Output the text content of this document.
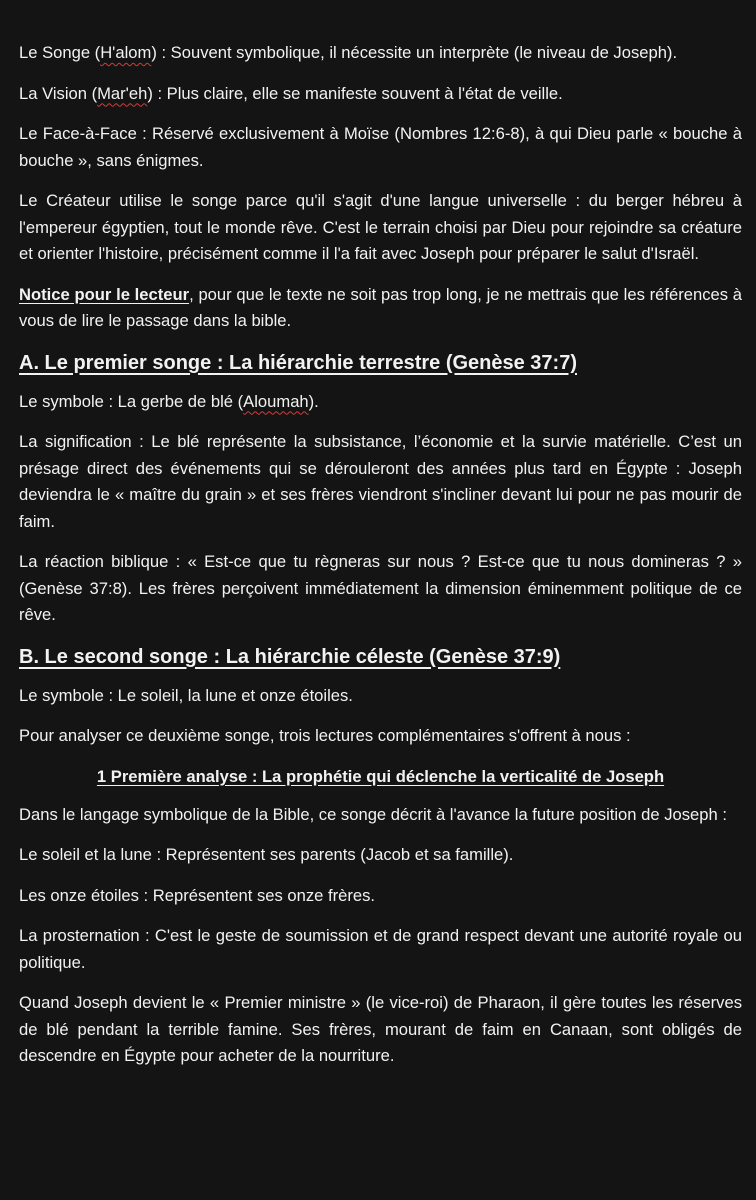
Le Songe (H'alom) : Souvent symbolique, il nécessite un interprète (le niveau de Joseph).

La Vision (Mar'eh) : Plus claire, elle se manifeste souvent à l'état de veille.

Le Face-à-Face : Réservé exclusivement à Moïse (Nombres 12:6-8), à qui Dieu parle « bouche à bouche », sans énigmes.

Le Créateur utilise le songe parce qu'il s'agit d'une langue universelle : du berger hébreu à l'empereur égyptien, tout le monde rêve. C'est le terrain choisi par Dieu pour rejoindre sa créature et orienter l'histoire, précisément comme il l'a fait avec Joseph pour préparer le salut d'Israël.

Notice pour le lecteur, pour que le texte ne soit pas trop long, je ne mettrais que les références à vous de lire le passage dans la bible.

A. Le premier songe : La hiérarchie terrestre (Genèse 37:7)

Le symbole : La gerbe de blé (Aloumah).

La signification : Le blé représente la subsistance, l’économie et la survie matérielle. C’est un présage direct des événements qui se dérouleront des années plus tard en Égypte : Joseph deviendra le « maître du grain » et ses frères viendront s'incliner devant lui pour ne pas mourir de faim.

La réaction biblique : « Est-ce que tu règneras sur nous ? Est-ce que tu nous domineras ? » (Genèse 37:8). Les frères perçoivent immédiatement la dimension éminemment politique de ce rêve.

B. Le second songe : La hiérarchie céleste (Genèse 37:9)

Le symbole : Le soleil, la lune et onze étoiles.

Pour analyser ce deuxième songe, trois lectures complémentaires s'offrent à nous :

1 Première analyse : La prophétie qui déclenche la verticalité de Joseph

Dans le langage symbolique de la Bible, ce songe décrit à l'avance la future position de Joseph :

Le soleil et la lune : Représentent ses parents (Jacob et sa famille).

Les onze étoiles : Représentent ses onze frères.

La prosternation : C'est le geste de soumission et de grand respect devant une autorité royale ou politique.

Quand Joseph devient le « Premier ministre » (le vice-roi) de Pharaon, il gère toutes les réserves de blé pendant la terrible famine. Ses frères, mourant de faim en Canaan, sont obligés de descendre en Égypte pour acheter de la nourriture.
